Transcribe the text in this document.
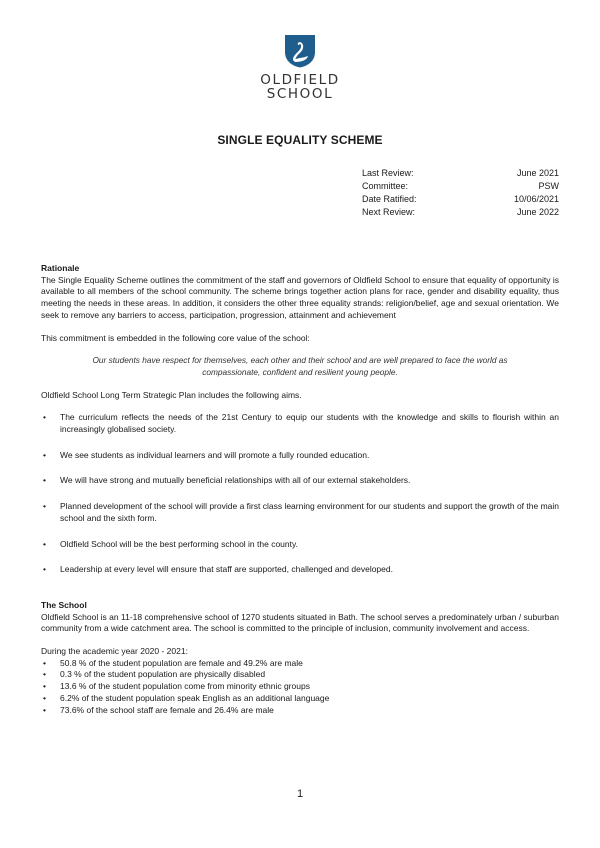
OLDFIELD
SCHOOL
SINGLE EQUALITY SCHEME
Last Review:	June 2021
Committee:	PSW
Date Ratified:	10/06/2021
Next Review:	June 2022
Rationale
The Single Equality Scheme outlines the commitment of the staff and governors of Oldfield School to ensure that equality of opportunity is available to all members of the school community. The scheme brings together action plans for race, gender and disability equality, thus meeting the needs in these areas. In addition, it considers the other three equality strands: religion/belief, age and sexual orientation. We seek to remove any barriers to access, participation, progression, attainment and achievement
This commitment is embedded in the following core value of the school:
Our students have respect for themselves, each other and their school and are well prepared to face the world as compassionate, confident and resilient young people.
Oldfield School Long Term Strategic Plan includes the following aims.
• The curriculum reflects the needs of the 21st Century to equip our students with the knowledge and skills to flourish within an increasingly globalised society.
• We see students as individual learners and will promote a fully rounded education.
• We will have strong and mutually beneficial relationships with all of our external stakeholders.
• Planned development of the school will provide a first class learning environment for our students and support the growth of the main school and the sixth form.
• Oldfield School will be the best performing school in the county.
• Leadership at every level will ensure that staff are supported, challenged and developed.
The School
Oldfield School is an 11-18 comprehensive school of 1270 students situated in Bath. The school serves a predominately urban / suburban community from a wide catchment area. The school is committed to the principle of inclusion, community involvement and access.
During the academic year 2020 - 2021:
• 50.8 % of the student population are female and 49.2% are male
• 0.3 % of the student population are physically disabled
• 13.6 % of the student population come from minority ethnic groups
• 6.2% of the student population speak English as an additional language
• 73.6% of the school staff are female and 26.4% are male
1
